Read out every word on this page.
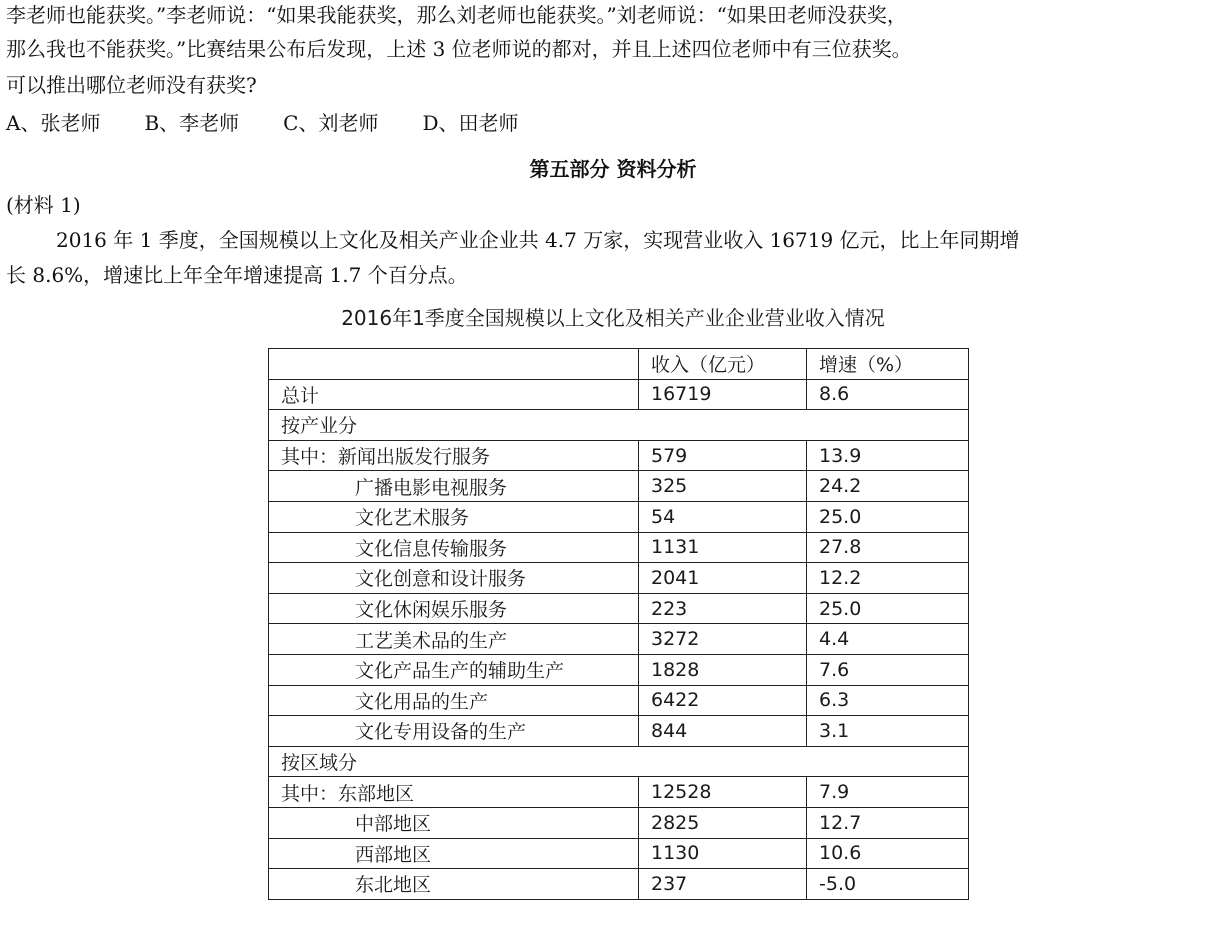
李老师也能获奖。”李老师说：“如果我能获奖，那么刘老师也能获奖。”刘老师说：“如果田老师没获奖，
那么我也不能获奖。”比赛结果公布后发现，上述 3 位老师说的都对，并且上述四位老师中有三位获奖。
可以推出哪位老师没有获奖?
A、张老师 B、李老师 C、刘老师 D、田老师
第五部分 资料分析
(材料 1)
2016 年 1 季度，全国规模以上文化及相关产业企业共 4.7 万家，实现营业收入 16719 亿元，比上年同期增
长 8.6%，增速比上年全年增速提高 1.7 个百分点。
2016年1季度全国规模以上文化及相关产业企业营业收入情况
	收入（亿元）	增速（%）
总计	16719	8.6
按产业分		
其中：新闻出版发行服务	579	13.9
广播电影电视服务	325	24.2
文化艺术服务	54	25.0
文化信息传输服务	1131	27.8
文化创意和设计服务	2041	12.2
文化休闲娱乐服务	223	25.0
工艺美术品的生产	3272	4.4
文化产品生产的辅助生产	1828	7.6
文化用品的生产	6422	6.3
文化专用设备的生产	844	3.1
按区域分		
其中：东部地区	12528	7.9
中部地区	2825	12.7
西部地区	1130	10.6
东北地区	237	-5.0
